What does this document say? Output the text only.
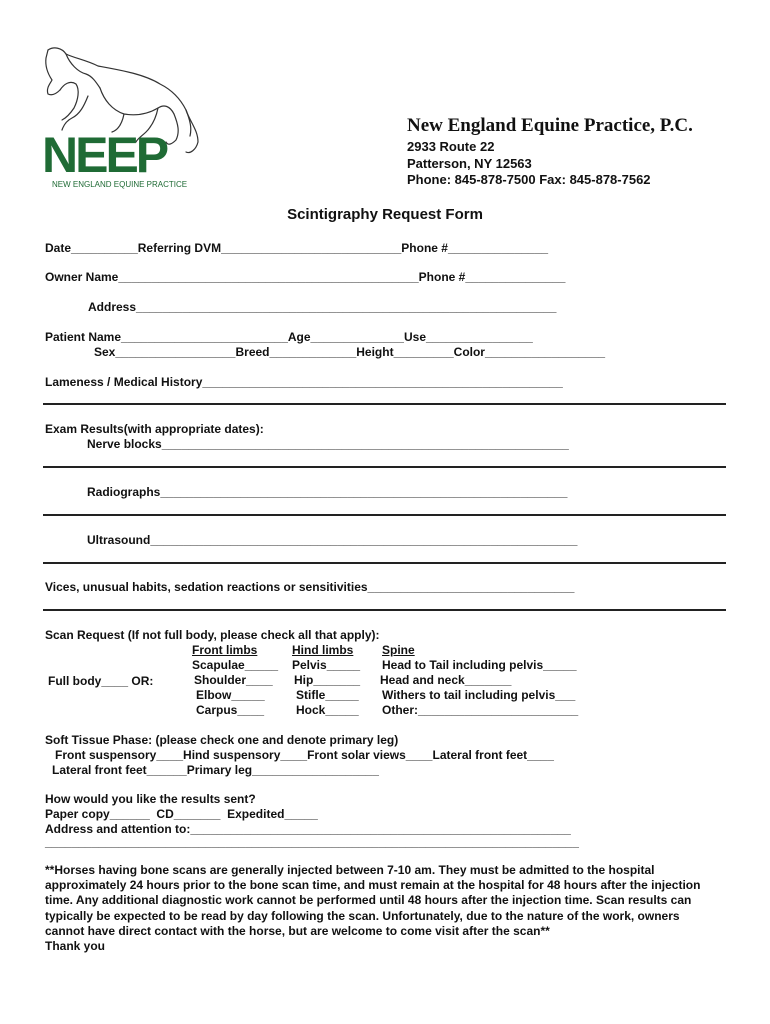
NEEP
NEW ENGLAND EQUINE PRACTICE
New England Equine Practice, P.C.
2933 Route 22
Patterson, NY 12563
Phone: 845-878-7500 Fax: 845-878-7562
Scintigraphy Request Form
Date__________Referring DVM___________________________Phone #_______________
Owner Name_____________________________________________Phone #_______________
Address_______________________________________________________________
Patient Name_________________________Age______________Use________________
Sex__________________Breed_____________Height_________Color__________________
Lameness / Medical History______________________________________________________
Exam Results(with appropriate dates):
Nerve blocks_____________________________________________________________
Radiographs_____________________________________________________________
Ultrasound________________________________________________________________
Vices, unusual habits, sedation reactions or sensitivities_______________________________
Scan Request (If not full body, please check all that apply):
Front limbs	Hind limbs Spine
Scapulae_____
Shoulder____
Elbow_____
Carpus____
Pelvis_____
Hip_______
Stifle_____
Hock_____
Head to Tail including pelvis_____
Head and neck_______
Withers to tail including pelvis___
Other:________________________
Full body____ OR:
Soft Tissue Phase: (please check one and denote primary leg)
Front suspensory____Hind suspensory____Front solar views____Lateral front feet____
Lateral front feet______Primary leg___________________
How would you like the results sent?
Paper copy______  CD_______  Expedited_____
Address and attention to:_________________________________________________________
________________________________________________________________________________
**Horses having bone scans are generally injected between 7-10 am. They must be admitted to the hospital approximately 24 hours prior to the bone scan time, and must remain at the hospital for 48 hours after the injection time. Any additional diagnostic work cannot be performed until 48 hours after the injection time. Scan results can typically be expected to be read by day following the scan. Unfortunately, due to the nature of the work, owners cannot have direct contact with the horse, but are welcome to come visit after the scan**
Thank you
